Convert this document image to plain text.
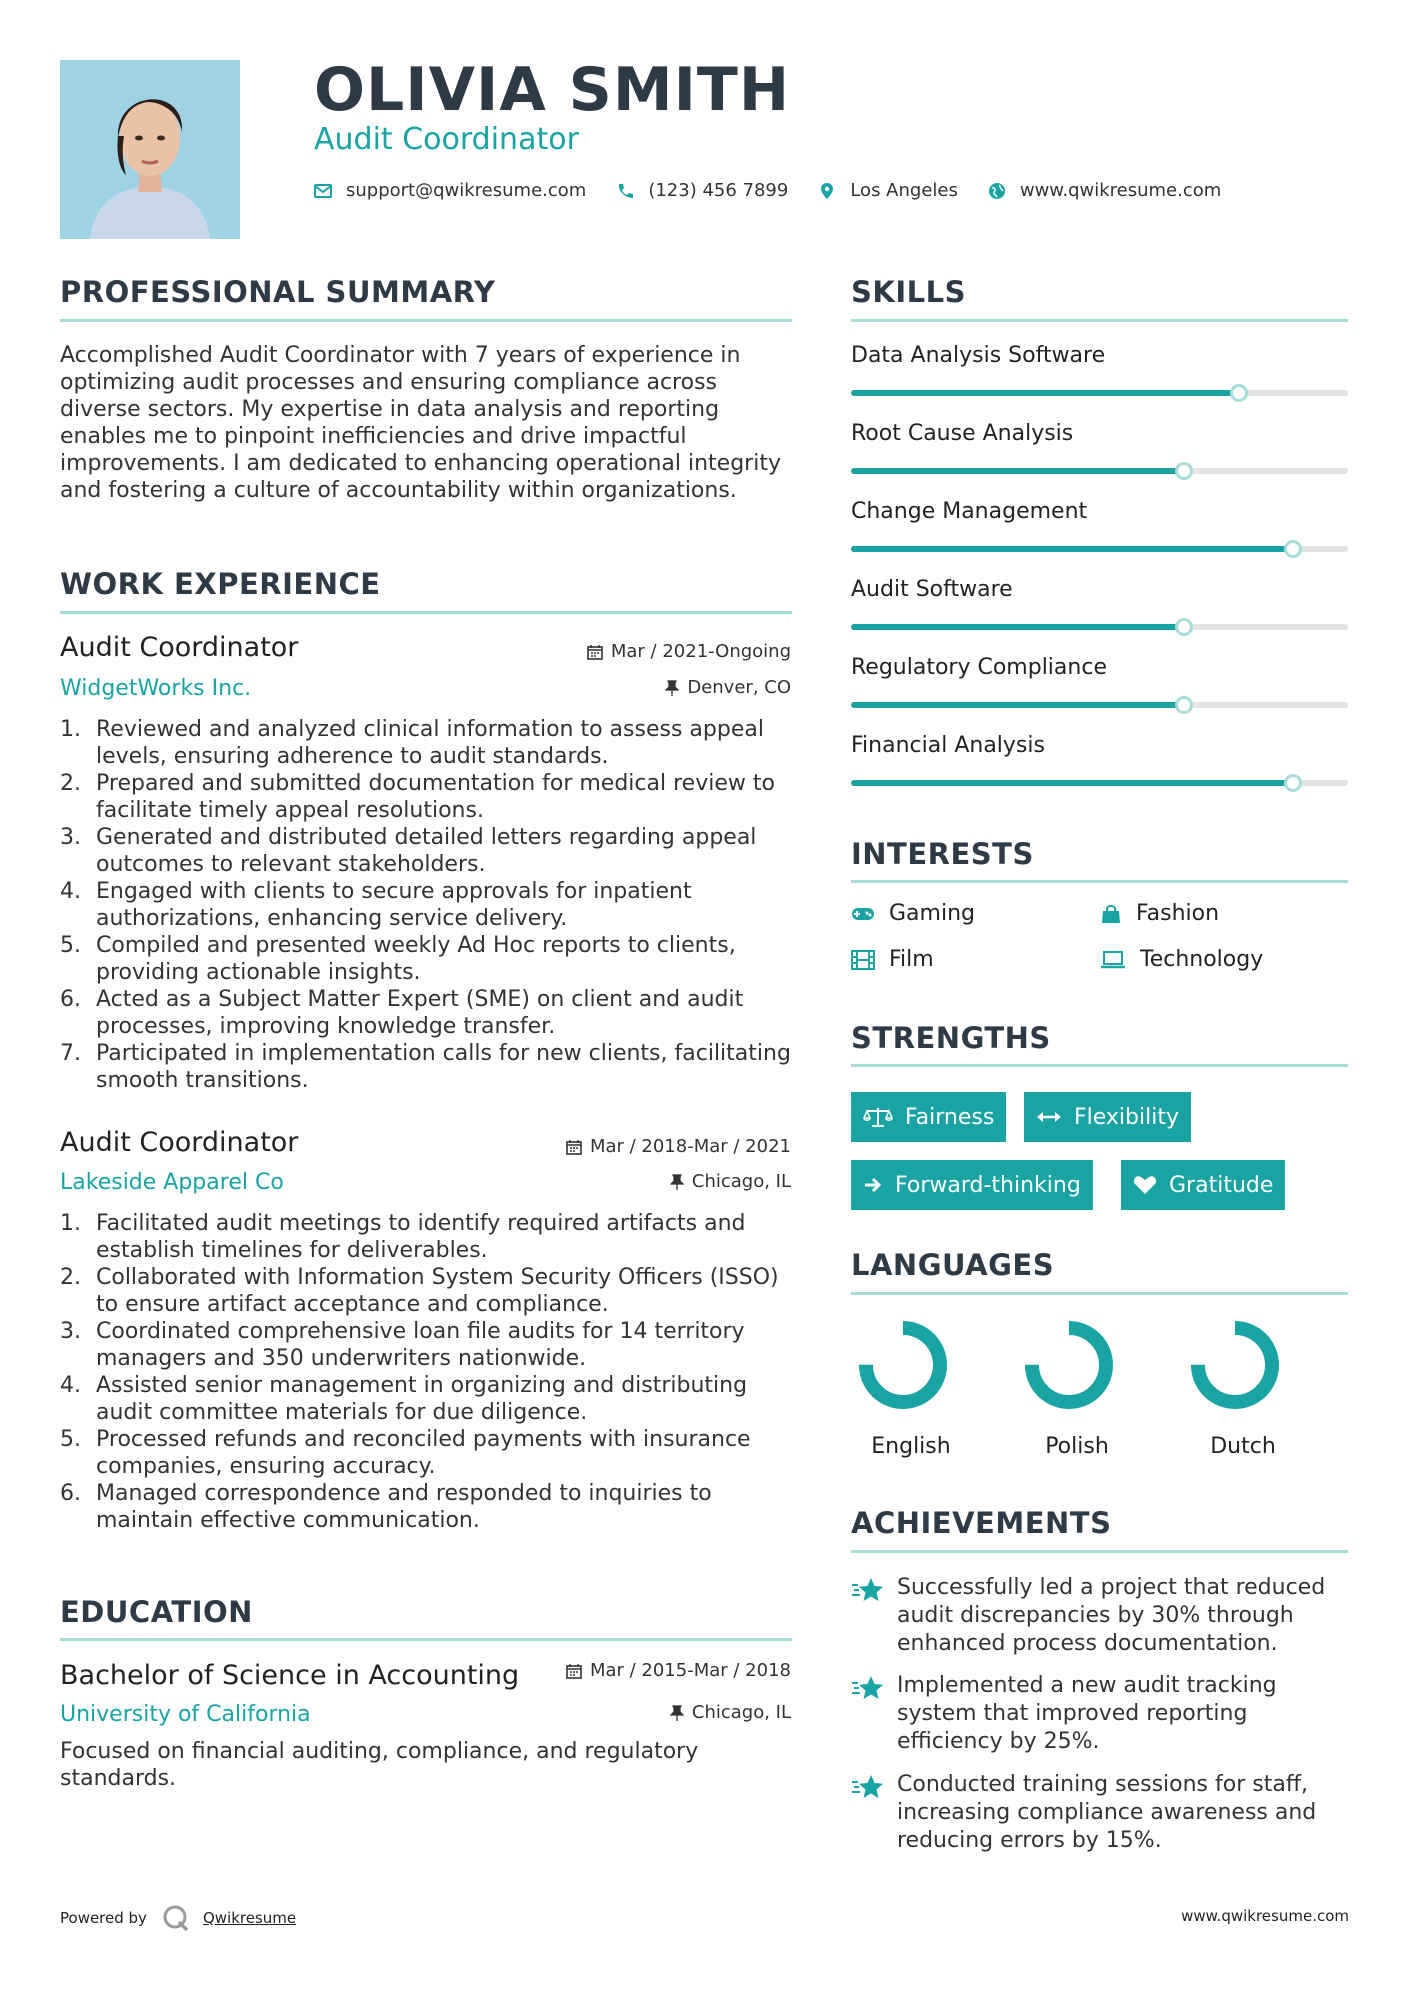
OLIVIA SMITH
Audit Coordinator
support@qwikresume.com	(123) 456 7899	Los Angeles	www.qwikresume.com
PROFESSIONAL SUMMARY
Accomplished Audit Coordinator with 7 years of experience in optimizing audit processes and ensuring compliance across diverse sectors. My expertise in data analysis and reporting enables me to pinpoint inefficiencies and drive impactful improvements. I am dedicated to enhancing operational integrity and fostering a culture of accountability within organizations.
WORK EXPERIENCE
Audit Coordinator	Mar / 2021-Ongoing
WidgetWorks Inc.	Denver, CO
1. Reviewed and analyzed clinical information to assess appeal levels, ensuring adherence to audit standards.
2. Prepared and submitted documentation for medical review to facilitate timely appeal resolutions.
3. Generated and distributed detailed letters regarding appeal outcomes to relevant stakeholders.
4. Engaged with clients to secure approvals for inpatient authorizations, enhancing service delivery.
5. Compiled and presented weekly Ad Hoc reports to clients, providing actionable insights.
6. Acted as a Subject Matter Expert (SME) on client and audit processes, improving knowledge transfer.
7. Participated in implementation calls for new clients, facilitating smooth transitions.
Audit Coordinator	Mar / 2018-Mar / 2021
Lakeside Apparel Co	Chicago, IL
1. Facilitated audit meetings to identify required artifacts and establish timelines for deliverables.
2. Collaborated with Information System Security Officers (ISSO) to ensure artifact acceptance and compliance.
3. Coordinated comprehensive loan file audits for 14 territory managers and 350 underwriters nationwide.
4. Assisted senior management in organizing and distributing audit committee materials for due diligence.
5. Processed refunds and reconciled payments with insurance companies, ensuring accuracy.
6. Managed correspondence and responded to inquiries to maintain effective communication.
EDUCATION
Bachelor of Science in Accounting	Mar / 2015-Mar / 2018
University of California	Chicago, IL
Focused on financial auditing, compliance, and regulatory standards.
SKILLS
Data Analysis Software
Root Cause Analysis
Change Management
Audit Software
Regulatory Compliance
Financial Analysis
INTERESTS
Gaming	Fashion
Film	Technology
STRENGTHS
Fairness	Flexibility
Forward-thinking	Gratitude
LANGUAGES
English	Polish	Dutch
ACHIEVEMENTS
Successfully led a project that reduced audit discrepancies by 30% through enhanced process documentation.
Implemented a new audit tracking system that improved reporting efficiency by 25%.
Conducted training sessions for staff, increasing compliance awareness and reducing errors by 15%.
Powered by	Qwikresume	www.qwikresume.com
